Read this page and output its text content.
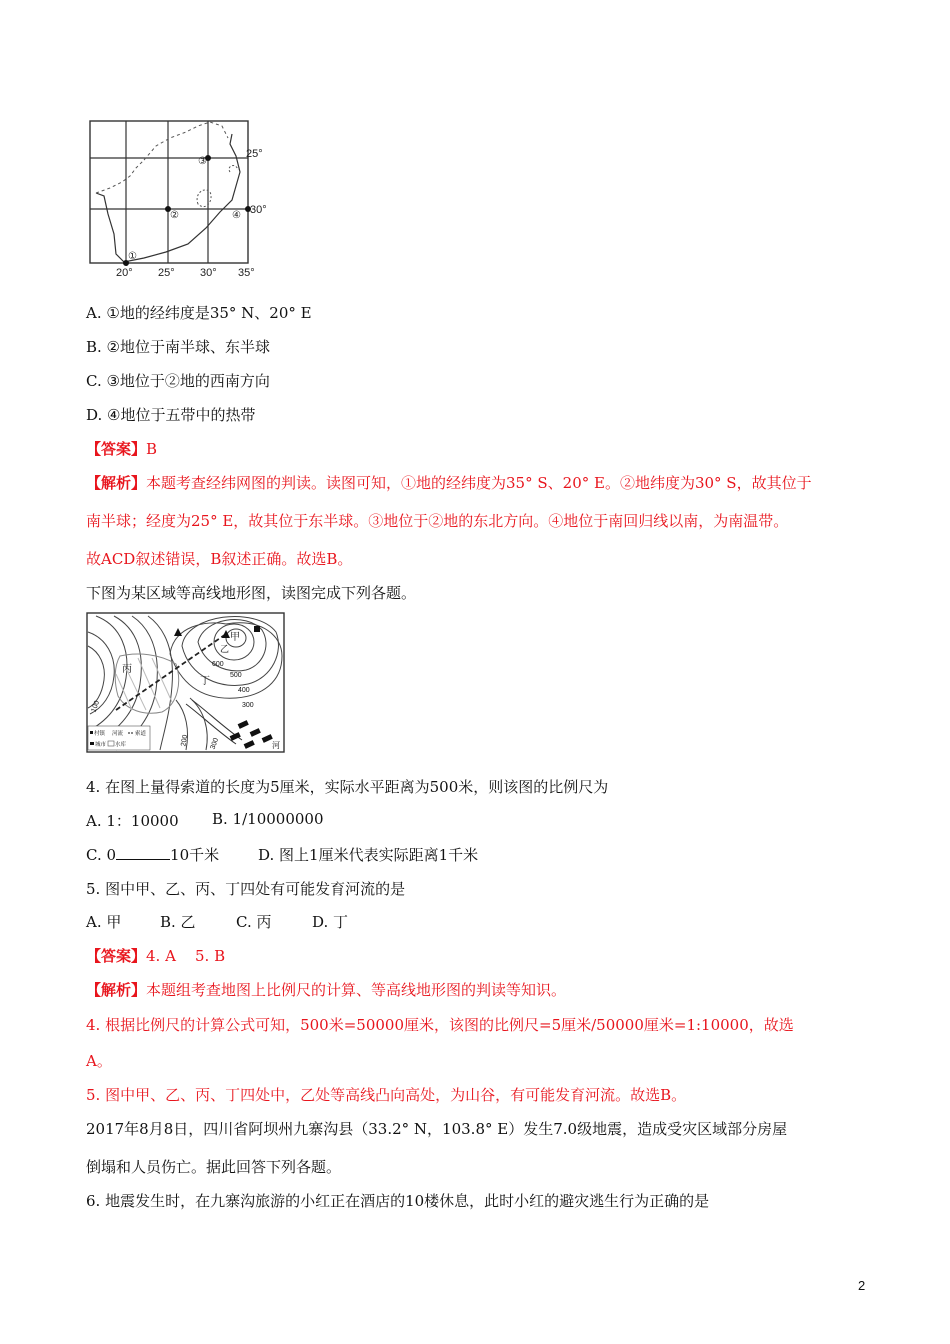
①
②
③
④
25°
30°
20° 25° 30° 35°
A. ①地的经纬度是35° N、20° E
B. ②地位于南半球、东半球
C. ③地位于②地的西南方向
D. ④地位于五带中的热带
【答案】B
【解析】本题考查经纬网图的判读。读图可知，①地的经纬度为35° S、20° E。②地纬度为30° S，故其位于
南半球；经度为25° E，故其位于东半球。③地位于②地的东北方向。④地位于南回归线以南，为南温带。
故ACD叙述错误，B叙述正确。故选B。
下图为某区域等高线地形图，读图完成下列各题。
甲
乙
丙
丁
600
500
400
300
100
200	300	河
村镇 河流 索道
城市 水库
4. 在图上量得索道的长度为5厘米，实际水平距离为500米，则该图的比例尺为
A. 1：10000 B. 1/10000000
C. 0	10千米	D. 图上1厘米代表实际距离1千米
5. 图中甲、乙、丙、丁四处有可能发育河流的是
A. 甲	B. 乙	C. 丙	D. 丁
【答案】4. A    5. B
【解析】本题组考查地图上比例尺的计算、等高线地形图的判读等知识。
4. 根据比例尺的计算公式可知，500米=50000厘米，该图的比例尺=5厘米/50000厘米=1:10000，故选
A。
5. 图中甲、乙、丙、丁四处中，乙处等高线凸向高处，为山谷，有可能发育河流。故选B。
2017年8月8日，四川省阿坝州九寨沟县（33.2° N，103.8° E）发生7.0级地震，造成受灾区域部分房屋
倒塌和人员伤亡。据此回答下列各题。
6. 地震发生时，在九寨沟旅游的小红正在酒店的10楼休息，此时小红的避灾逃生行为正确的是
2
